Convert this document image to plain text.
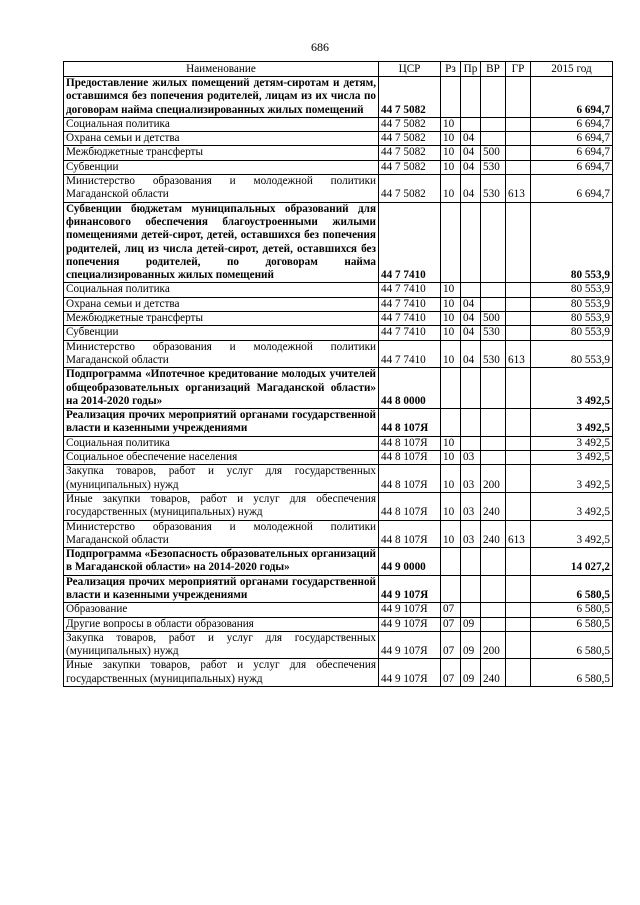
686
Наименование	ЦСР	Рз	Пр	ВР	ГР	2015 год
Предоставление жилых помещений детям-сиротам и детям, оставшимся без попечения родителей, лицам из их числа по договорам найма специализированных жилых помещений	44 7 5082					6 694,7
Социальная политика	44 7 5082	10				6 694,7
Охрана семьи и детства	44 7 5082	10	04			6 694,7
Межбюджетные трансферты	44 7 5082	10	04	500		6 694,7
Субвенции	44 7 5082	10	04	530		6 694,7
Министерство образования и молодежной политики Магаданской области	44 7 5082	10	04	530	613	6 694,7
Субвенции бюджетам муниципальных образований для финансового обеспечения благоустроенными жилыми помещениями детей-сирот, детей, оставшихся без попечения родителей, лиц из числа детей-сирот, детей, оставшихся без попечения родителей, по договорам найма специализированных жилых помещений	44 7 7410					80 553,9
Социальная политика	44 7 7410	10				80 553,9
Охрана семьи и детства	44 7 7410	10	04			80 553,9
Межбюджетные трансферты	44 7 7410	10	04	500		80 553,9
Субвенции	44 7 7410	10	04	530		80 553,9
Министерство образования и молодежной политики Магаданской области	44 7 7410	10	04	530	613	80 553,9
Подпрограмма «Ипотечное кредитование молодых учителей общеобразовательных организаций Магаданской области» на 2014-2020 годы»	44 8 0000					3 492,5
Реализация прочих мероприятий органами государственной власти и казенными учреждениями	44 8 107Я					3 492,5
Социальная политика	44 8 107Я	10				3 492,5
Социальное обеспечение населения	44 8 107Я	10	03			3 492,5
Закупка товаров, работ и услуг для государственных (муниципальных) нужд	44 8 107Я	10	03	200		3 492,5
Иные закупки товаров, работ и услуг для обеспечения государственных (муниципальных) нужд	44 8 107Я	10	03	240		3 492,5
Министерство образования и молодежной политики Магаданской области	44 8 107Я	10	03	240	613	3 492,5
Подпрограмма «Безопасность образовательных организаций в Магаданской области» на 2014-2020 годы»	44 9 0000					14 027,2
Реализация прочих мероприятий органами государственной власти и казенными учреждениями	44 9 107Я					6 580,5
Образование	44 9 107Я	07				6 580,5
Другие вопросы в области образования	44 9 107Я	07	09			6 580,5
Закупка товаров, работ и услуг для государственных (муниципальных) нужд	44 9 107Я	07	09	200		6 580,5
Иные закупки товаров, работ и услуг для обеспечения государственных (муниципальных) нужд	44 9 107Я	07	09	240		6 580,5
